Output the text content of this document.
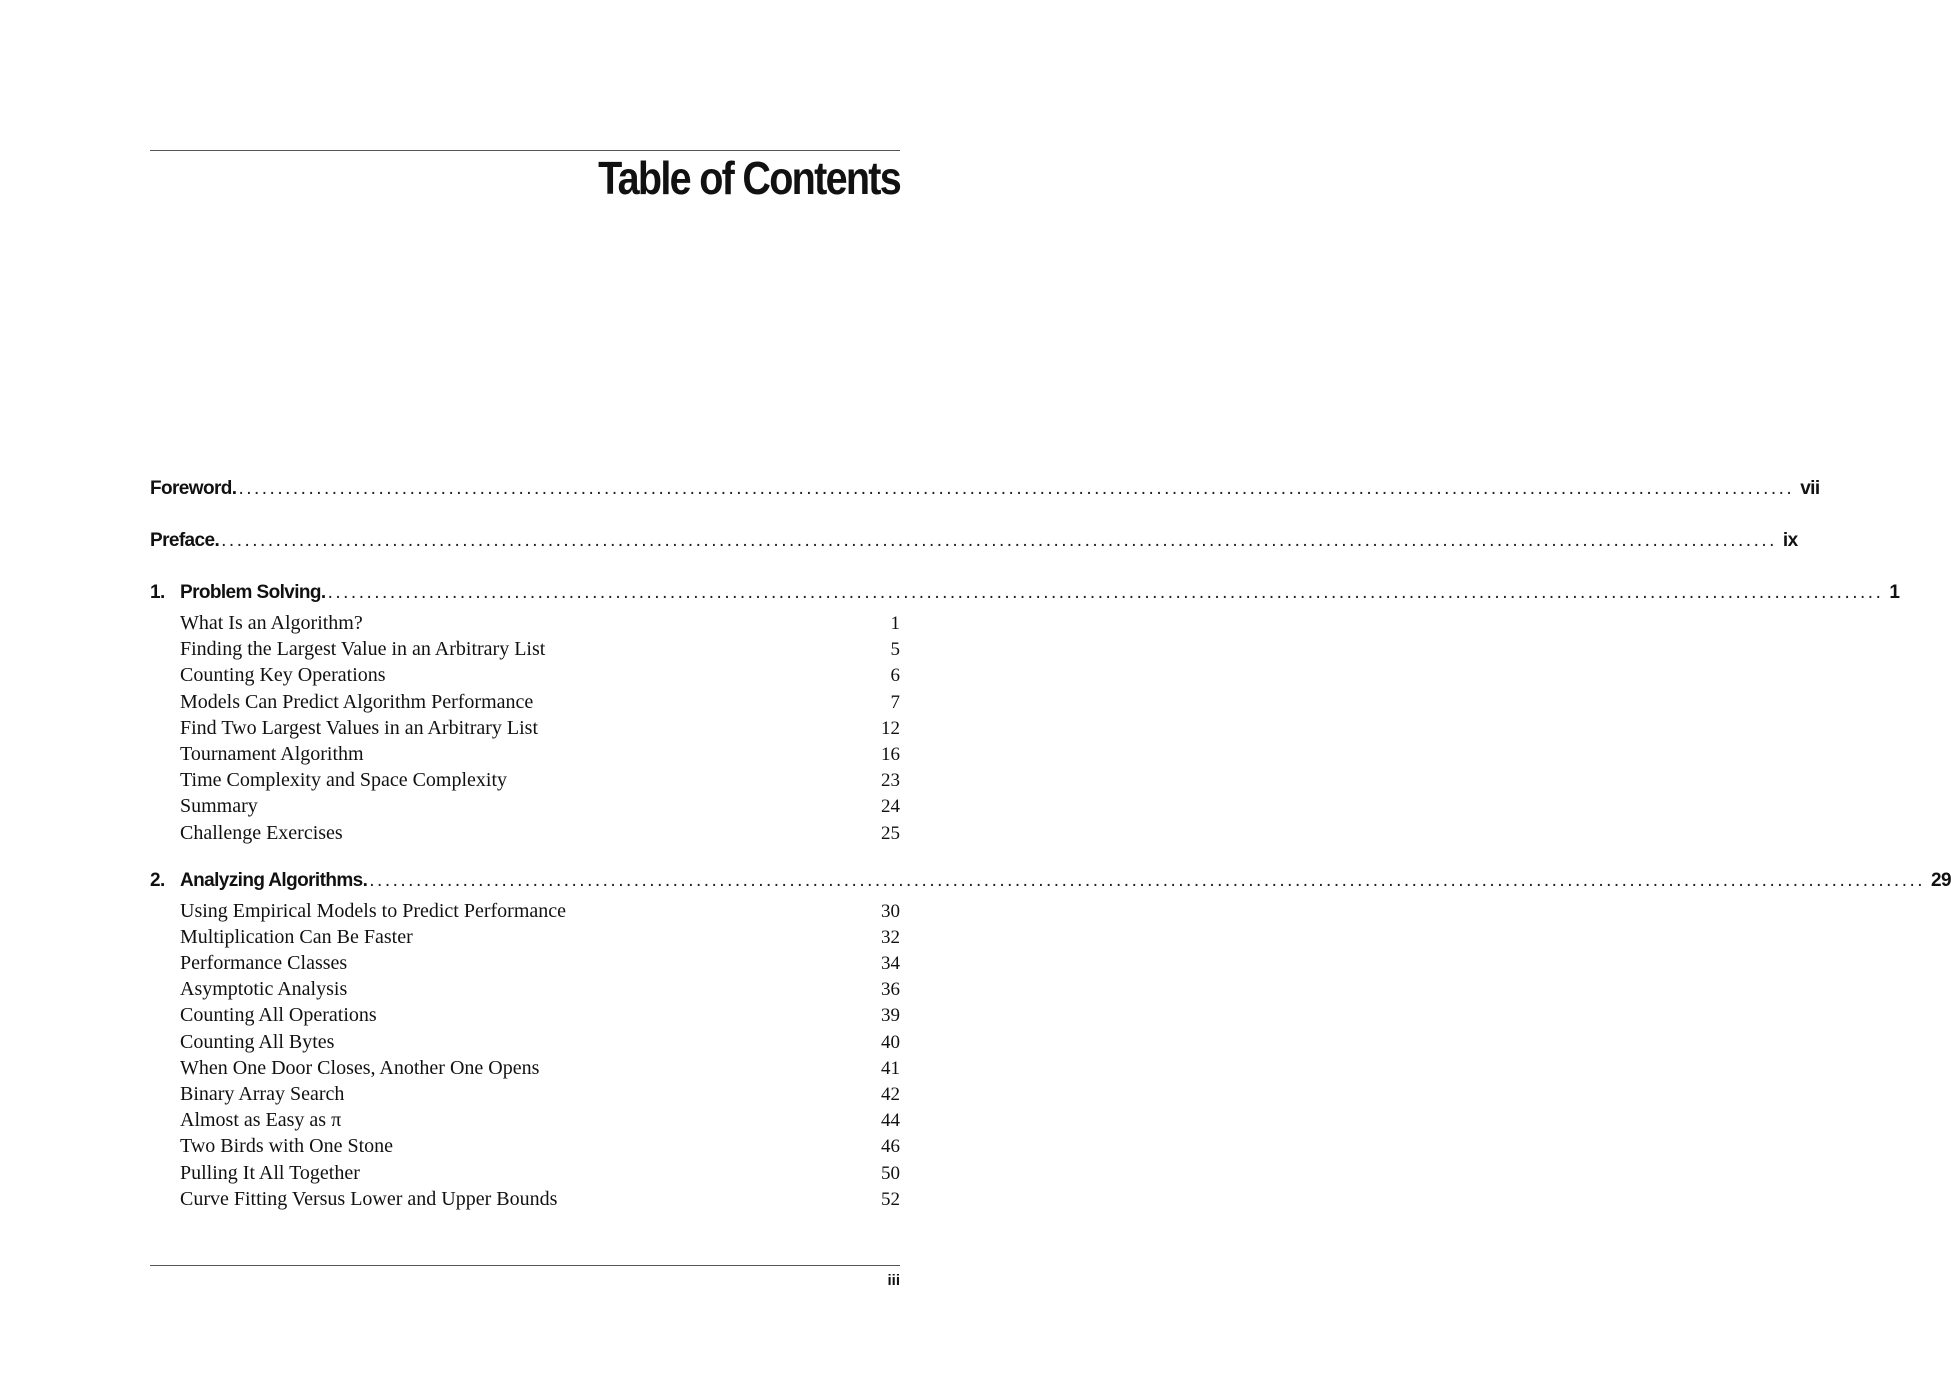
Table of Contents
Foreword. ........................................................................................................................................................................................................ vii
Preface. ........................................................................................................................................................................................................ ix
1. Problem Solving. ........................................................................................................................................................................................................ 1
What Is an Algorithm?	1
Finding the Largest Value in an Arbitrary List	5
Counting Key Operations	6
Models Can Predict Algorithm Performance	7
Find Two Largest Values in an Arbitrary List	12
Tournament Algorithm	16
Time Complexity and Space Complexity	23
Summary	24
Challenge Exercises	25
2. Analyzing Algorithms. ........................................................................................................................................................................................................ 29
Using Empirical Models to Predict Performance	30
Multiplication Can Be Faster	32
Performance Classes	34
Asymptotic Analysis	36
Counting All Operations	39
Counting All Bytes	40
When One Door Closes, Another One Opens	41
Binary Array Search	42
Almost as Easy as π	44
Two Birds with One Stone	46
Pulling It All Together	50
Curve Fitting Versus Lower and Upper Bounds	52
iii
